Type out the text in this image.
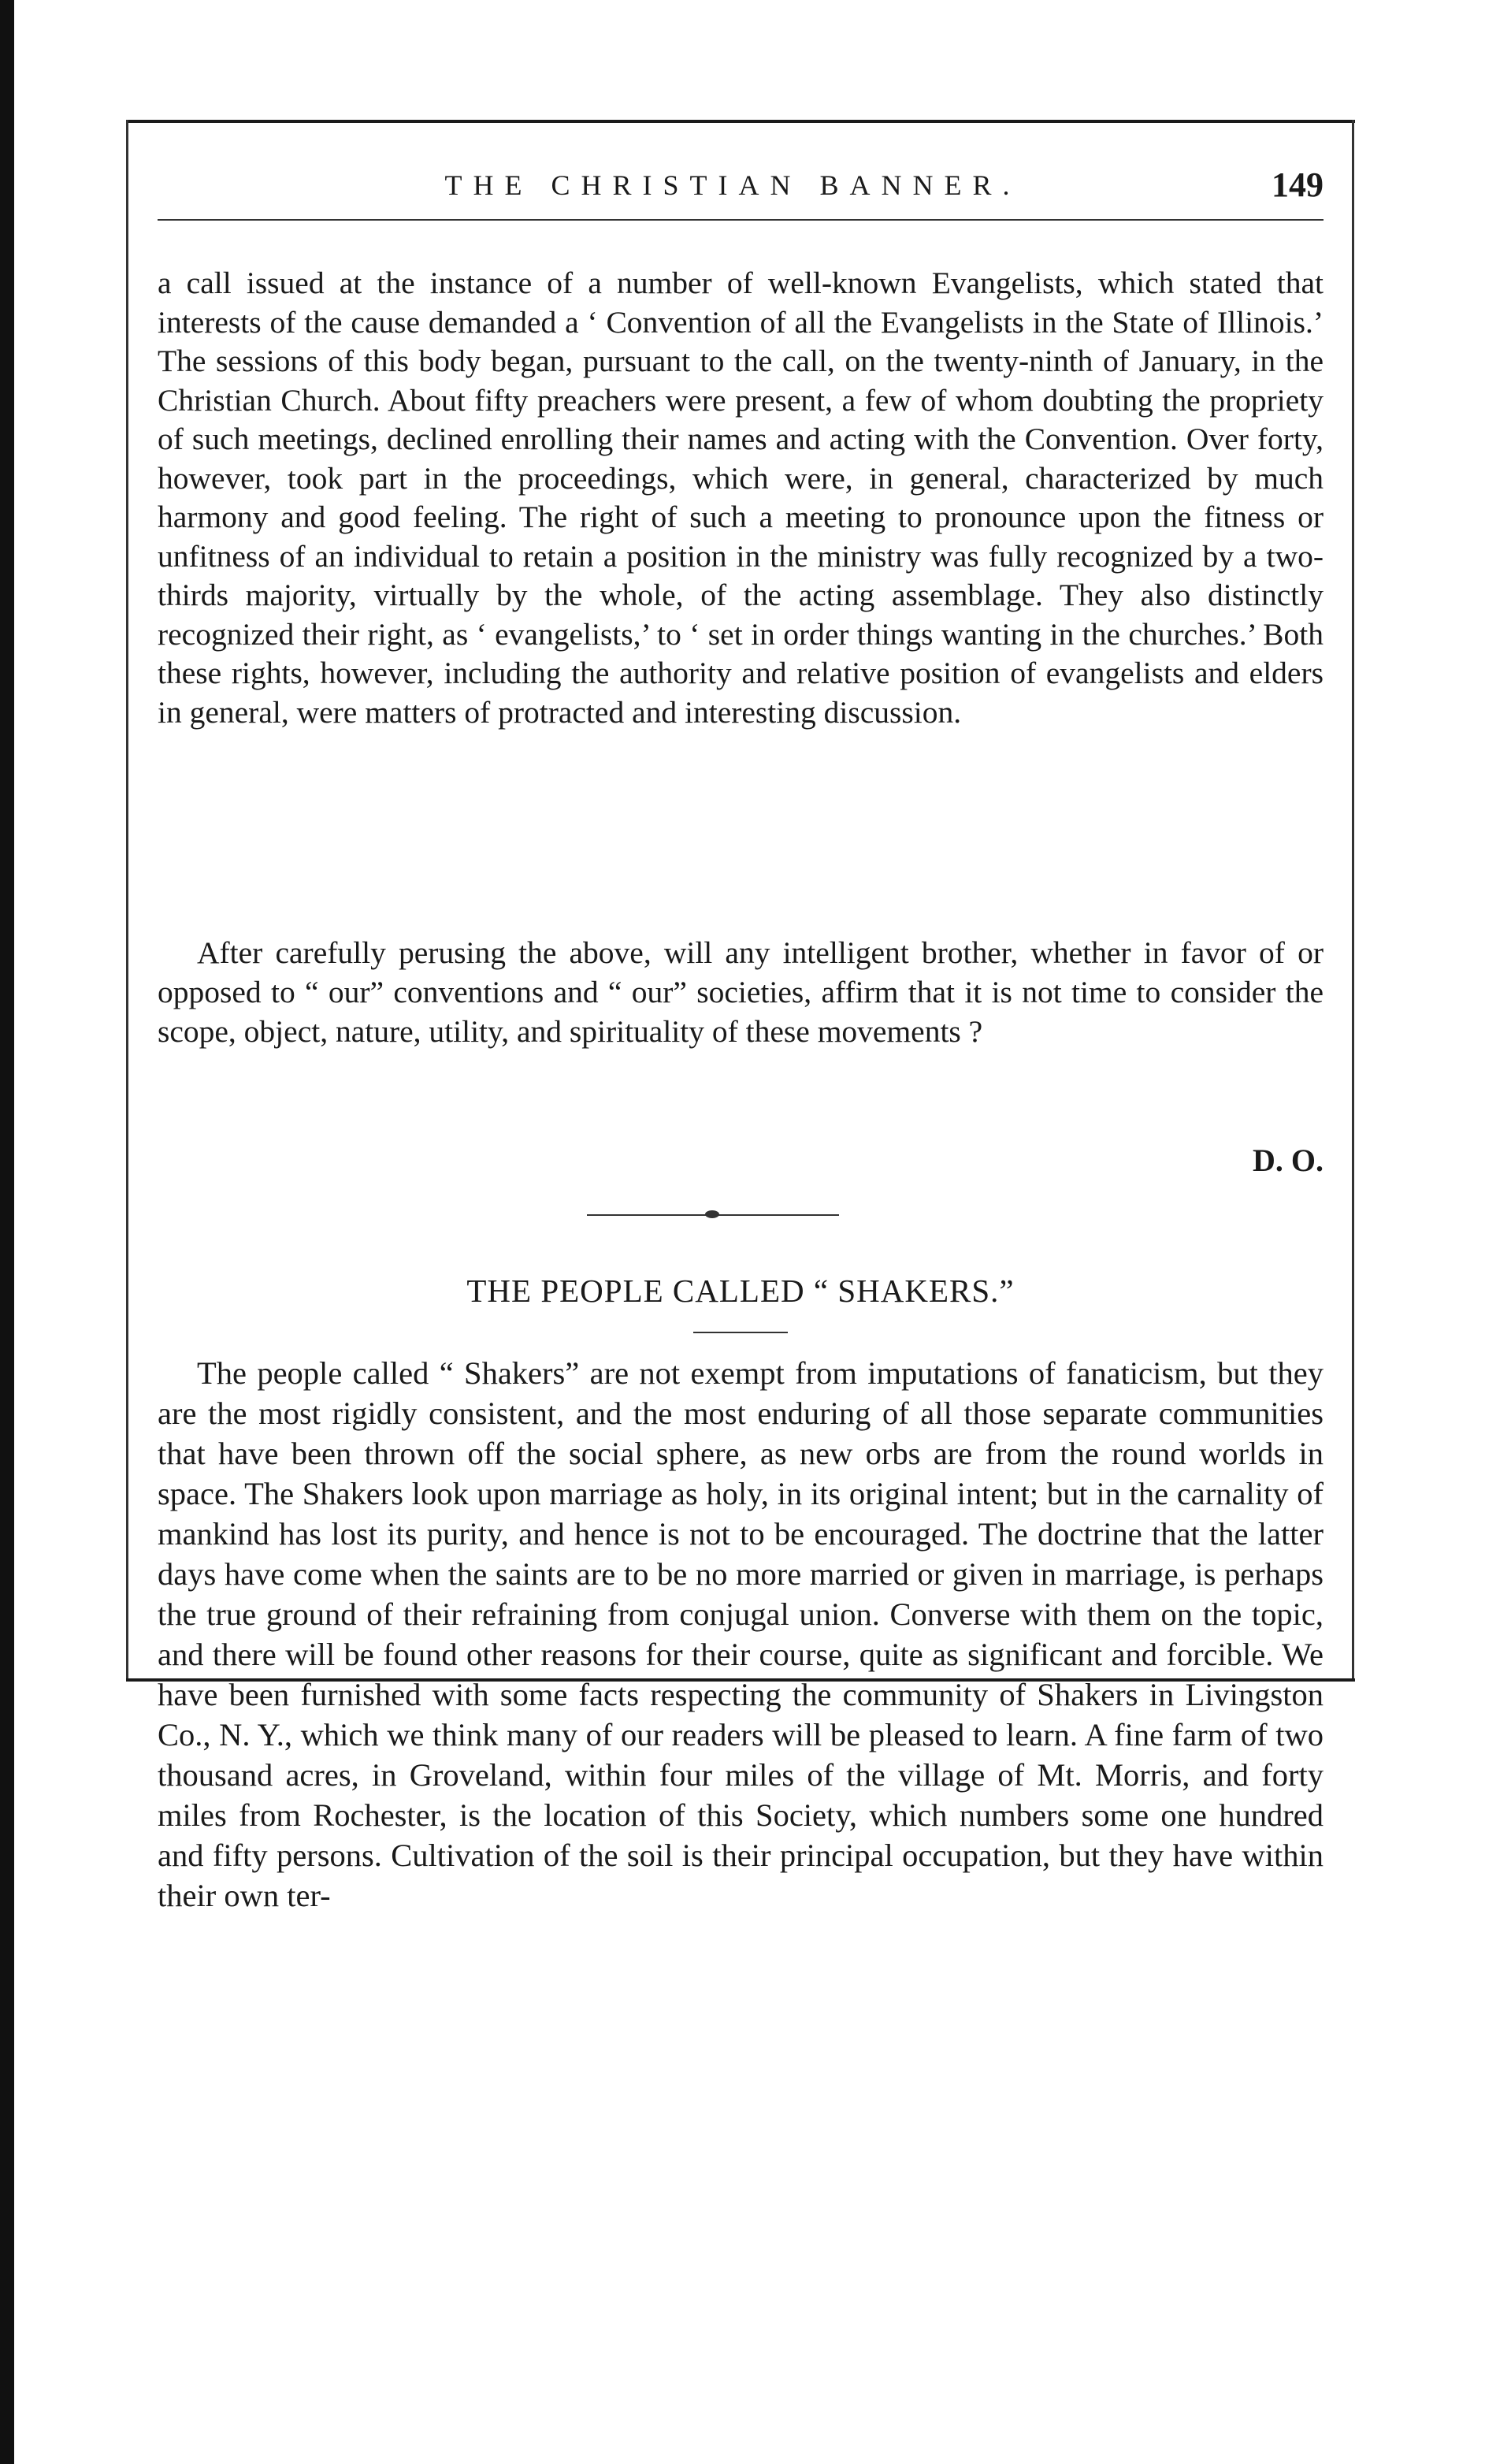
THE CHRISTIAN BANNER.	149

a call issued at the instance of a number of well-known Evangelists, which stated that interests of the cause demanded a ‘ Convention of all the Evangelists in the State of Illinois.’ The sessions of this body began, pursuant to the call, on the twenty-ninth of January, in the Christian Church. About fifty preachers were present, a few of whom doubting the propriety of such meetings, declined enrolling their names and acting with the Convention. Over forty, however, took part in the proceedings, which were, in general, characterized by much harmony and good feeling. The right of such a meeting to pronounce upon the fitness or unfitness of an individual to retain a position in the ministry was fully recognized by a two-thirds majority, virtually by the whole, of the acting assemblage. They also distinctly recognized their right, as ‘ evangelists,’ to ‘ set in order things wanting in the churches.’ Both these rights, however, including the authority and relative position of evangelists and elders in general, were matters of protracted and interesting discussion.

After carefully perusing the above, will any intelligent brother, whether in favor of or opposed to “ our” conventions and “ our” societies, affirm that it is not time to consider the scope, object, nature, utility, and spirituality of these movements ?

D. O.
THE PEOPLE CALLED “ SHAKERS.”

The people called “ Shakers” are not exempt from imputations of fanaticism, but they are the most rigidly consistent, and the most enduring of all those separate communities that have been thrown off the social sphere, as new orbs are from the round worlds in space. The Shakers look upon marriage as holy, in its original intent; but in the carnality of mankind has lost its purity, and hence is not to be encouraged. The doctrine that the latter days have come when the saints are to be no more married or given in marriage, is perhaps the true ground of their refraining from conjugal union. Converse with them on the topic, and there will be found other reasons for their course, quite as significant and forcible. We have been furnished with some facts respecting the community of Shakers in Livingston Co., N. Y., which we think many of our readers will be pleased to learn. A fine farm of two thousand acres, in Groveland, within four miles of the village of Mt. Morris, and forty miles from Rochester, is the location of this Society, which numbers some one hundred and fifty persons. Cultivation of the soil is their principal occupation, but they have within their own ter-
